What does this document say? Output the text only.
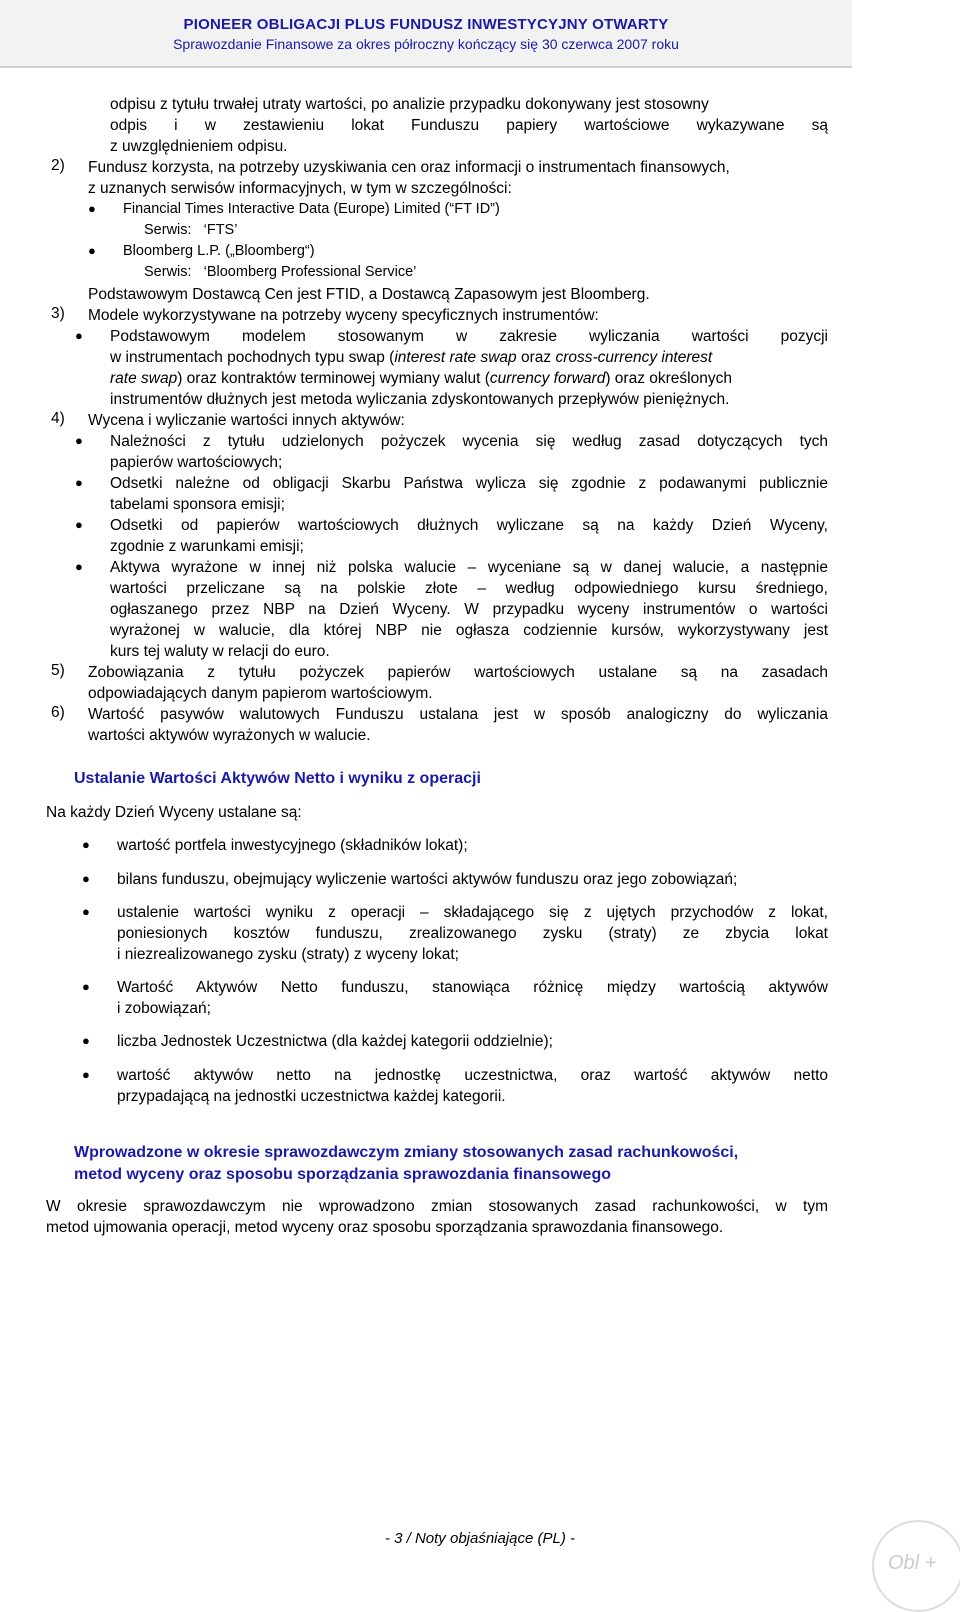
PIONEER OBLIGACJI PLUS FUNDUSZ INWESTYCYJNY OTWARTY
Sprawozdanie Finansowe za okres półroczny kończący się 30 czerwca 2007 roku
odpisu z tytułu trwałej utraty wartości, po analizie przypadku dokonywany jest stosowny
odpis i w zestawieniu lokat Funduszu papiery wartościowe wykazywane są
z uwzględnieniem odpisu.
2) Fundusz korzysta, na potrzeby uzyskiwania cen oraz informacji o instrumentach finansowych,
z uznanych serwisów informacyjnych, w tym w szczególności:
● Financial Times Interactive Data (Europe) Limited (“FT ID”)
Serwis:   ‘FTS’
● Bloomberg L.P. („Bloomberg“)
Serwis:   ‘Bloomberg Professional Service’
Podstawowym Dostawcą Cen jest FTID, a Dostawcą Zapasowym jest Bloomberg.
3) Modele wykorzystywane na potrzeby wyceny specyficznych instrumentów:
● Podstawowym modelem stosowanym w zakresie wyliczania wartości pozycji
w instrumentach pochodnych typu swap (interest rate swap oraz cross-currency interest
rate swap) oraz kontraktów terminowej wymiany walut (currency forward) oraz określonych
instrumentów dłużnych jest metoda wyliczania zdyskontowanych przepływów pieniężnych.
4) Wycena i wyliczanie wartości innych aktywów:
● Należności z tytułu udzielonych pożyczek wycenia się według zasad dotyczących tych
papierów wartościowych;
● Odsetki należne od obligacji Skarbu Państwa wylicza się zgodnie z podawanymi publicznie
tabelami sponsora emisji;
● Odsetki od papierów wartościowych dłużnych wyliczane są na każdy Dzień Wyceny,
zgodnie z warunkami emisji;
● Aktywa wyrażone w innej niż polska walucie – wyceniane są w danej walucie, a następnie
wartości przeliczane są na polskie złote – według odpowiedniego kursu średniego,
ogłaszanego przez NBP na Dzień Wyceny. W przypadku wyceny instrumentów o wartości
wyrażonej w walucie, dla której NBP nie ogłasza codziennie kursów, wykorzystywany jest
kurs tej waluty w relacji do euro.
5) Zobowiązania z tytułu pożyczek papierów wartościowych ustalane są na zasadach
odpowiadających danym papierom wartościowym.
6) Wartość pasywów walutowych Funduszu ustalana jest w sposób analogiczny do wyliczania
wartości aktywów wyrażonych w walucie.
Ustalanie Wartości Aktywów Netto i wyniku z operacji
Na każdy Dzień Wyceny ustalane są:
● wartość portfela inwestycyjnego (składników lokat);
● bilans funduszu, obejmujący wyliczenie wartości aktywów funduszu oraz jego zobowiązań;
● ustalenie wartości wyniku z operacji – składającego się z ujętych przychodów z lokat,
poniesionych kosztów funduszu, zrealizowanego zysku (straty) ze zbycia lokat
i niezrealizowanego zysku (straty) z wyceny lokat;
● Wartość Aktywów Netto funduszu, stanowiąca różnicę między wartością aktywów
i zobowiązań;
● liczba Jednostek Uczestnictwa (dla każdej kategorii oddzielnie);
● wartość aktywów netto na jednostkę uczestnictwa, oraz wartość aktywów netto
przypadającą na jednostki uczestnictwa każdej kategorii.
Wprowadzone w okresie sprawozdawczym zmiany stosowanych zasad rachunkowości,
metod wyceny oraz sposobu sporządzania sprawozdania finansowego
W okresie sprawozdawczym nie wprowadzono zmian stosowanych zasad rachunkowości, w tym
metod ujmowania operacji, metod wyceny oraz sposobu sporządzania sprawozdania finansowego.
- 3 / Noty objaśniające (PL) -
Obl +
